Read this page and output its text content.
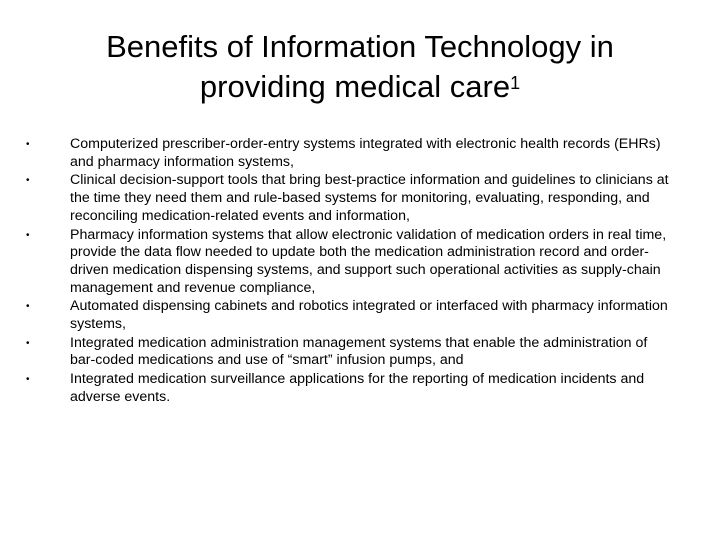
Benefits of Information Technology in providing medical care$^1$
•	Computerized prescriber-order-entry systems integrated with electronic health records (EHRs) and pharmacy information systems,
•	Clinical decision-support tools that bring best-practice information and guidelines to clinicians at the time they need them and rule-based systems for monitoring, evaluating, responding, and reconciling medication-related events and information,
•	Pharmacy information systems that allow electronic validation of medication orders in real time, provide the data flow needed to update both the medication administration record and order-driven medication dispensing systems, and support such operational activities as supply-chain management and revenue compliance,
•	Automated dispensing cabinets and robotics integrated or interfaced with pharmacy information systems,
•	Integrated medication administration management systems that enable the administration of bar-coded medications and use of “smart” infusion pumps, and
•	Integrated medication surveillance applications for the reporting of medication incidents and adverse events.
